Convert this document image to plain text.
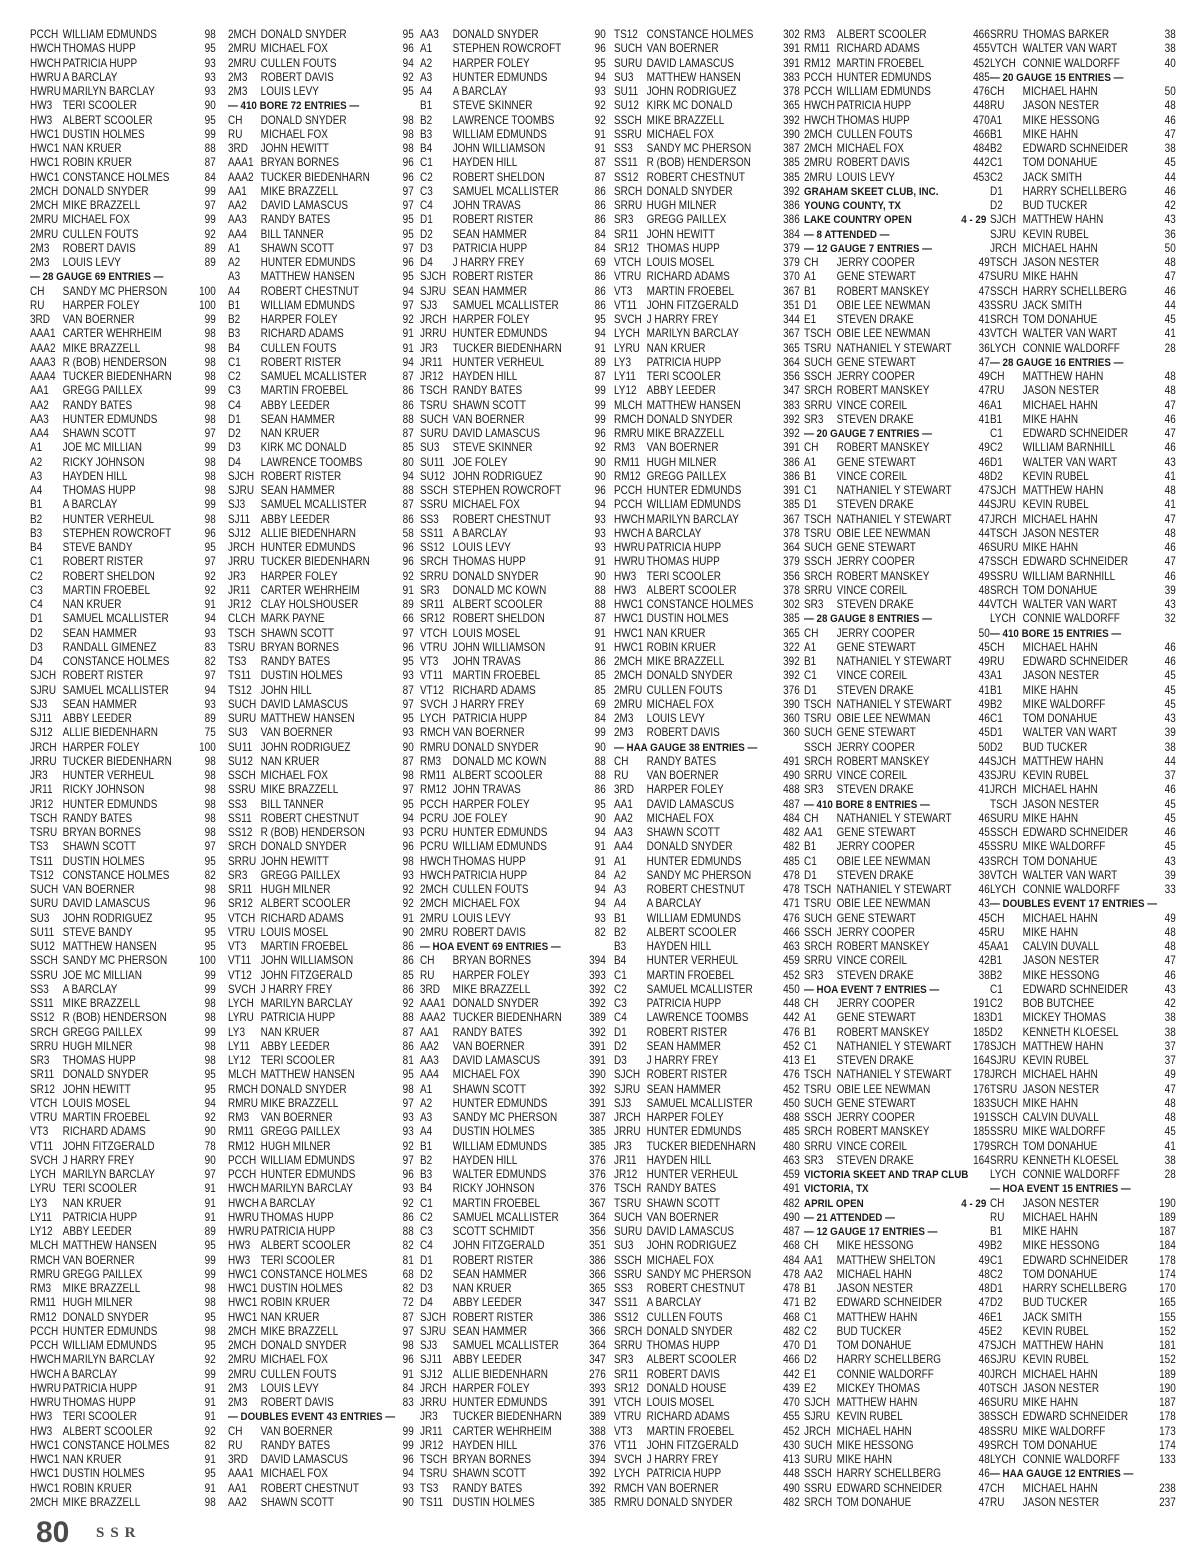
PCCH WILLIAM EDMUNDS	98
HWCH THOMAS HUPP	95
HWCH PATRICIA HUPP	93
HWRU A BARCLAY	93
HWRU MARILYN BARCLAY	93
HW3 TERI SCOOLER	90
HW3 ALBERT SCOOLER	95
HWC1 DUSTIN HOLMES	99
HWC1 NAN KRUER	88
HWC1 ROBIN KRUER	87
HWC1 CONSTANCE HOLMES	84
2MCH DONALD SNYDER	99
2MCH MIKE BRAZZELL	97
2MRU MICHAEL FOX	99
2MRU CULLEN FOUTS	92
2M3	ROBERT DAVIS	89
2M3	LOUIS LEVY	89
— 28 GAUGE 69 ENTRIES —
CH	SANDY MC PHERSON	100
RU	HARPER FOLEY	100
3RD	VAN BOERNER	99
AAA1 CARTER WEHRHEIM	98
AAA2 MIKE BRAZZELL	98
AAA3 R (BOB) HENDERSON	98
AAA4 TUCKER BIEDENHARN	98
AA1	GREGG PAILLEX	99
AA2	RANDY BATES	98
AA3	HUNTER EDMUNDS	98
AA4	SHAWN SCOTT	97
A1	JOE MC MILLIAN	99
A2	RICKY JOHNSON	98
A3	HAYDEN HILL	98
A4	THOMAS HUPP	98
B1	A BARCLAY	99
B2	HUNTER VERHEUL	98
B3	STEPHEN ROWCROFT	96
B4	STEVE BANDY	95
C1	ROBERT RISTER	97
C2	ROBERT SHELDON	92
C3	MARTIN FROEBEL	92
C4	NAN KRUER	91
D1	SAMUEL MCALLISTER	94
D2	SEAN HAMMER	93
D3	RANDALL GIMENEZ	83
D4	CONSTANCE HOLMES	82
SJCH ROBERT RISTER	97
SJRU SAMUEL MCALLISTER	94
SJ3	SEAN HAMMER	93
SJ11 ABBY LEEDER	89
SJ12 ALLIE BIEDENHARN	75
JRCH HARPER FOLEY	100
JRRU TUCKER BIEDENHARN	98
JR3	HUNTER VERHEUL	98
JR11 RICKY JOHNSON	98
JR12 HUNTER EDMUNDS	98
TSCH RANDY BATES	98
TSRU BRYAN BORNES	98
TS3	SHAWN SCOTT	97
TS11 DUSTIN HOLMES	95
TS12 CONSTANCE HOLMES	82
SUCH VAN BOERNER	98
SURU DAVID LAMASCUS	96
SU3	JOHN RODRIGUEZ	95
SU11 STEVE BANDY	95
SU12 MATTHEW HANSEN	95
SSCH SANDY MC PHERSON	100
SSRU JOE MC MILLIAN	99
SS3	A BARCLAY	99
SS11 MIKE BRAZZELL	98
SS12 R (BOB) HENDERSON	98
SRCH GREGG PAILLEX	99
SRRU HUGH MILNER	98
SR3	THOMAS HUPP	98
SR11 DONALD SNYDER	95
SR12 JOHN HEWITT	95
VTCH LOUIS MOSEL	94
VTRU MARTIN FROEBEL	92
VT3	RICHARD ADAMS	90
VT11 JOHN FITZGERALD	78
SVCH J HARRY FREY	90
LYCH MARILYN BARCLAY	97
LYRU TERI SCOOLER	91
LY3	NAN KRUER	91
LY11 PATRICIA HUPP	91
LY12 ABBY LEEDER	89
MLCH MATTHEW HANSEN	95
RMCH VAN BOERNER	99
RMRU GREGG PAILLEX	99
RM3	MIKE BRAZZELL	98
RM11 HUGH MILNER	98
RM12 DONALD SNYDER	95
PCCH HUNTER EDMUNDS	98
PCCH WILLIAM EDMUNDS	95
HWCH MARILYN BARCLAY	92
HWCH A BARCLAY	99
HWRU PATRICIA HUPP	91
HWRU THOMAS HUPP	91
HW3 TERI SCOOLER	91
HW3 ALBERT SCOOLER	92
HWC1 CONSTANCE HOLMES	82
HWC1 NAN KRUER	91
HWC1 DUSTIN HOLMES	95
HWC1 ROBIN KRUER	91
2MCH MIKE BRAZZELL	98
2MCH DONALD SNYDER	95
2MRU MICHAEL FOX	96
2MRU CULLEN FOUTS	94
2M3	ROBERT DAVIS	92
2M3	LOUIS LEVY	95
— 410 BORE 72 ENTRIES —
CH	DONALD SNYDER	98
RU	MICHAEL FOX	98
3RD	JOHN HEWITT	98
AAA1 BRYAN BORNES	96
AAA2 TUCKER BIEDENHARN	96
AA1	MIKE BRAZZELL	97
AA2	DAVID LAMASCUS	97
AA3	RANDY BATES	95
AA4	BILL TANNER	95
A1	SHAWN SCOTT	97
A2	HUNTER EDMUNDS	96
A3	MATTHEW HANSEN	95
A4	ROBERT CHESTNUT	94
B1	WILLIAM EDMUNDS	97
B2	HARPER FOLEY	92
B3	RICHARD ADAMS	91
B4	CULLEN FOUTS	91
C1	ROBERT RISTER	94
C2	SAMUEL MCALLISTER	87
C3	MARTIN FROEBEL	86
C4	ABBY LEEDER	86
D1	SEAN HAMMER	88
D2	NAN KRUER	87
D3	KIRK MC DONALD	85
D4	LAWRENCE TOOMBS	80
SJCH ROBERT RISTER	94
SJRU SEAN HAMMER	88
SJ3	SAMUEL MCALLISTER	87
SJ11 ABBY LEEDER	86
SJ12 ALLIE BIEDENHARN	58
JRCH HUNTER EDMUNDS	96
JRRU TUCKER BIEDENHARN	96
JR3	HARPER FOLEY	92
JR11 CARTER WEHRHEIM	91
JR12 CLAY HOLSHOUSER	89
CLCH MARK PAYNE	66
TSCH SHAWN SCOTT	97
TSRU BRYAN BORNES	96
TS3	RANDY BATES	95
TS11 DUSTIN HOLMES	93
TS12 JOHN HILL	87
SUCH DAVID LAMASCUS	97
SURU MATTHEW HANSEN	95
SU3	VAN BOERNER	93
SU11 JOHN RODRIGUEZ	90
SU12 NAN KRUER	87
SSCH MICHAEL FOX	98
SSRU MIKE BRAZZELL	97
SS3	BILL TANNER	95
SS11 ROBERT CHESTNUT	94
SS12 R (BOB) HENDERSON	93
SRCH DONALD SNYDER	96
SRRU JOHN HEWITT	98
SR3	GREGG PAILLEX	93
SR11 HUGH MILNER	92
SR12 ALBERT SCOOLER	92
VTCH RICHARD ADAMS	91
VTRU LOUIS MOSEL	90
VT3	MARTIN FROEBEL	86
VT11 JOHN WILLIAMSON	86
VT12 JOHN FITZGERALD	85
SVCH J HARRY FREY	86
LYCH MARILYN BARCLAY	92
LYRU PATRICIA HUPP	88
LY3	NAN KRUER	87
LY11 ABBY LEEDER	86
LY12 TERI SCOOLER	81
MLCH MATTHEW HANSEN	95
RMCH DONALD SNYDER	98
RMRU MIKE BRAZZELL	97
RM3	VAN BOERNER	93
RM11 GREGG PAILLEX	93
RM12 HUGH MILNER	92
PCCH WILLIAM EDMUNDS	97
PCCH HUNTER EDMUNDS	96
HWCH MARILYN BARCLAY	93
HWCH A BARCLAY	92
HWRU THOMAS HUPP	86
HWRU PATRICIA HUPP	88
HW3 ALBERT SCOOLER	82
HW3 TERI SCOOLER	81
HWC1 CONSTANCE HOLMES	68
HWC1 DUSTIN HOLMES	82
HWC1 ROBIN KRUER	72
HWC1 NAN KRUER	87
2MCH MIKE BRAZZELL	97
2MCH DONALD SNYDER	98
2MRU MICHAEL FOX	96
2MRU CULLEN FOUTS	91
2M3	LOUIS LEVY	84
2M3	ROBERT DAVIS	83
— DOUBLES EVENT 43 ENTRIES —
CH	VAN BOERNER	99
RU	RANDY BATES	99
3RD	DAVID LAMASCUS	96
AAA1 MICHAEL FOX	94
AA1	ROBERT CHESTNUT	93
AA2	SHAWN SCOTT	90
AA3	DONALD SNYDER	90
A1	STEPHEN ROWCROFT	96
A2	HARPER FOLEY	95
A3	HUNTER EDMUNDS	94
A4	A BARCLAY	93
B1	STEVE SKINNER	92
B2	LAWRENCE TOOMBS	92
B3	WILLIAM EDMUNDS	91
B4	JOHN WILLIAMSON	91
C1	HAYDEN HILL	87
C2	ROBERT SHELDON	87
C3	SAMUEL MCALLISTER	86
C4	JOHN TRAVAS	86
D1	ROBERT RISTER	86
D2	SEAN HAMMER	84
D3	PATRICIA HUPP	84
D4	J HARRY FREY	69
SJCH ROBERT RISTER	86
SJRU SEAN HAMMER	86
SJ3	SAMUEL MCALLISTER	86
JRCH HARPER FOLEY	95
JRRU HUNTER EDMUNDS	94
JR3	TUCKER BIEDENHARN	91
JR11 HUNTER VERHEUL	89
JR12 HAYDEN HILL	87
TSCH RANDY BATES	99
TSRU SHAWN SCOTT	99
SUCH VAN BOERNER	99
SURU DAVID LAMASCUS	96
SU3	STEVE SKINNER	92
SU11 JOE FOLEY	90
SU12 JOHN RODRIGUEZ	90
SSCH STEPHEN ROWCROFT	96
SSRU MICHAEL FOX	94
SS3	ROBERT CHESTNUT	93
SS11 A BARCLAY	93
SS12 LOUIS LEVY	93
SRCH THOMAS HUPP	91
SRRU DONALD SNYDER	90
SR3	DONALD MC KOWN	88
SR11 ALBERT SCOOLER	88
SR12 ROBERT SHELDON	87
VTCH LOUIS MOSEL	91
VTRU JOHN WILLIAMSON	91
VT3	JOHN TRAVAS	86
VT11 MARTIN FROEBEL	85
VT12 RICHARD ADAMS	85
SVCH J HARRY FREY	69
LYCH PATRICIA HUPP	84
RMCH VAN BOERNER	99
RMRU DONALD SNYDER	90
RM3	DONALD MC KOWN	88
RM11 ALBERT SCOOLER	88
RM12 JOHN TRAVAS	86
PCCH HARPER FOLEY	95
PCRU JOE FOLEY	90
PCRU HUNTER EDMUNDS	94
PCRU WILLIAM EDMUNDS	91
HWCH THOMAS HUPP	91
HWCH PATRICIA HUPP	84
2MCH CULLEN FOUTS	94
2MCH MICHAEL FOX	94
2MRU LOUIS LEVY	93
2MRU ROBERT DAVIS	82
— HOA EVENT 69 ENTRIES —
CH	BRYAN BORNES	394
RU	HARPER FOLEY	393
3RD	MIKE BRAZZELL	392
AAA1 DONALD SNYDER	392
AAA2 TUCKER BIEDENHARN	389
AA1	RANDY BATES	392
AA2	VAN BOERNER	391
AA3	DAVID LAMASCUS	391
AA4	MICHAEL FOX	390
A1	SHAWN SCOTT	392
A2	HUNTER EDMUNDS	391
A3	SANDY MC PHERSON	387
A4	DUSTIN HOLMES	385
B1	WILLIAM EDMUNDS	385
B2	HAYDEN HILL	376
B3	WALTER EDMUNDS	376
B4	RICKY JOHNSON	376
C1	MARTIN FROEBEL	367
C2	SAMUEL MCALLISTER	364
C3	SCOTT SCHMIDT	356
C4	JOHN FITZGERALD	351
D1	ROBERT RISTER	386
D2	SEAN HAMMER	366
D3	NAN KRUER	365
D4	ABBY LEEDER	347
SJCH ROBERT RISTER	386
SJRU SEAN HAMMER	366
SJ3	SAMUEL MCALLISTER	364
SJ11 ABBY LEEDER	347
SJ12 ALLIE BIEDENHARN	276
JRCH HARPER FOLEY	393
JRRU HUNTER EDMUNDS	391
JR3	TUCKER BIEDENHARN	389
JR11 CARTER WEHRHEIM	388
JR12 HAYDEN HILL	376
TSCH BRYAN BORNES	394
TSRU SHAWN SCOTT	392
TS3	RANDY BATES	392
TS11 DUSTIN HOLMES	385
TS12 CONSTANCE HOLMES	302
SUCH VAN BOERNER	391
SURU DAVID LAMASCUS	391
SU3	MATTHEW HANSEN	383
SU11 JOHN RODRIGUEZ	378
SU12 KIRK MC DONALD	365
SSCH MIKE BRAZZELL	392
SSRU MICHAEL FOX	390
SS3	SANDY MC PHERSON	387
SS11 R (BOB) HENDERSON	385
SS12 ROBERT CHESTNUT	385
SRCH DONALD SNYDER	392
SRRU HUGH MILNER	386
SR3	GREGG PAILLEX	386
SR11 JOHN HEWITT	384
SR12 THOMAS HUPP	379
VTCH LOUIS MOSEL	379
VTRU RICHARD ADAMS	370
VT3	MARTIN FROEBEL	367
VT11 JOHN FITZGERALD	351
SVCH J HARRY FREY	344
LYCH MARILYN BARCLAY	367
LYRU NAN KRUER	365
LY3	PATRICIA HUPP	364
LY11 TERI SCOOLER	356
LY12 ABBY LEEDER	347
MLCH MATTHEW HANSEN	383
RMCH DONALD SNYDER	392
RMRU MIKE BRAZZELL	392
RM3	VAN BOERNER	391
RM11 HUGH MILNER	386
RM12 GREGG PAILLEX	386
PCCH HUNTER EDMUNDS	391
PCCH WILLIAM EDMUNDS	385
HWCH MARILYN BARCLAY	367
HWCH A BARCLAY	378
HWRU PATRICIA HUPP	364
HWRU THOMAS HUPP	379
HW3 TERI SCOOLER	356
HW3 ALBERT SCOOLER	378
HWC1 CONSTANCE HOLMES	302
HWC1 DUSTIN HOLMES	385
HWC1 NAN KRUER	365
HWC1 ROBIN KRUER	322
2MCH MIKE BRAZZELL	392
2MCH DONALD SNYDER	392
2MRU CULLEN FOUTS	376
2MRU MICHAEL FOX	390
2M3	LOUIS LEVY	360
2M3	ROBERT DAVIS	360
— HAA GAUGE 38 ENTRIES —
CH	RANDY BATES	491
RU	VAN BOERNER	490
3RD	HARPER FOLEY	488
AA1	DAVID LAMASCUS	487
AA2	MICHAEL FOX	484
AA3	SHAWN SCOTT	482
AA4	DONALD SNYDER	482
A1	HUNTER EDMUNDS	485
A2	SANDY MC PHERSON	478
A3	ROBERT CHESTNUT	478
A4	A BARCLAY	471
B1	WILLIAM EDMUNDS	476
B2	ALBERT SCOOLER	466
B3	HAYDEN HILL	463
B4	HUNTER VERHEUL	459
C1	MARTIN FROEBEL	452
C2	SAMUEL MCALLISTER	450
C3	PATRICIA HUPP	448
C4	LAWRENCE TOOMBS	442
D1	ROBERT RISTER	476
D2	SEAN HAMMER	452
D3	J HARRY FREY	413
SJCH ROBERT RISTER	476
SJRU SEAN HAMMER	452
SJ3	SAMUEL MCALLISTER	450
JRCH HARPER FOLEY	488
JRRU HUNTER EDMUNDS	485
JR3	TUCKER BIEDENHARN	480
JR11 HAYDEN HILL	463
JR12 HUNTER VERHEUL	459
TSCH RANDY BATES	491
TSRU SHAWN SCOTT	482
SUCH VAN BOERNER	490
SURU DAVID LAMASCUS	487
SU3	JOHN RODRIGUEZ	468
SSCH MICHAEL FOX	484
SSRU SANDY MC PHERSON	478
SS3	ROBERT CHESTNUT	478
SS11 A BARCLAY	471
SS12 CULLEN FOUTS	468
SRCH DONALD SNYDER	482
SRRU THOMAS HUPP	470
SR3	ALBERT SCOOLER	466
SR11 ROBERT DAVIS	442
SR12 DONALD HOUSE	439
VTCH LOUIS MOSEL	470
VTRU RICHARD ADAMS	455
VT3	MARTIN FROEBEL	452
VT11 JOHN FITZGERALD	430
SVCH J HARRY FREY	413
LYCH PATRICIA HUPP	448
RMCH VAN BOERNER	490
RMRU DONALD SNYDER	482
RM3	ALBERT SCOOLER	466
RM11 RICHARD ADAMS	455
RM12 MARTIN FROEBEL	452
PCCH HUNTER EDMUNDS	485
PCCH WILLIAM EDMUNDS	476
HWCH PATRICIA HUPP	448
HWCH THOMAS HUPP	470
2MCH CULLEN FOUTS	466
2MCH MICHAEL FOX	484
2MRU ROBERT DAVIS	442
2MRU LOUIS LEVY	453
GRAHAM SKEET CLUB, INC.
YOUNG COUNTY, TX
LAKE COUNTRY OPEN	4 - 29
— 8 ATTENDED —
— 12 GAUGE 7 ENTRIES —
CH	JERRY COOPER	49
A1	GENE STEWART	47
B1	ROBERT MANSKEY	47
D1	OBIE LEE NEWMAN	43
E1	STEVEN DRAKE	41
TSCH OBIE LEE NEWMAN	43
TSRU NATHANIEL Y STEWART	36
SUCH GENE STEWART	47
SSCH JERRY COOPER	49
SRCH ROBERT MANSKEY	47
SRRU VINCE COREIL	46
SR3	STEVEN DRAKE	41
— 20 GAUGE 7 ENTRIES —
CH	ROBERT MANSKEY	49
A1	GENE STEWART	46
B1	VINCE COREIL	48
C1	NATHANIEL Y STEWART	47
D1	STEVEN DRAKE	44
TSCH NATHANIEL Y STEWART	47
TSRU OBIE LEE NEWMAN	44
SUCH GENE STEWART	46
SSCH JERRY COOPER	47
SRCH ROBERT MANSKEY	49
SRRU VINCE COREIL	48
SR3	STEVEN DRAKE	44
— 28 GAUGE 8 ENTRIES —
CH	JERRY COOPER	50
A1	GENE STEWART	45
B1	NATHANIEL Y STEWART	49
C1	VINCE COREIL	43
D1	STEVEN DRAKE	41
TSCH NATHANIEL Y STEWART	49
TSRU OBIE LEE NEWMAN	46
SUCH GENE STEWART	45
SSCH JERRY COOPER	50
SRCH ROBERT MANSKEY	44
SRRU VINCE COREIL	43
SR3	STEVEN DRAKE	41
— 410 BORE 8 ENTRIES —
CH	NATHANIEL Y STEWART	46
AA1	GENE STEWART	45
B1	JERRY COOPER	45
C1	OBIE LEE NEWMAN	43
D1	STEVEN DRAKE	38
TSCH NATHANIEL Y STEWART	46
TSRU OBIE LEE NEWMAN	43
SUCH GENE STEWART	45
SSCH JERRY COOPER	45
SRCH ROBERT MANSKEY	45
SRRU VINCE COREIL	42
SR3	STEVEN DRAKE	38
— HOA EVENT 7 ENTRIES —
CH	JERRY COOPER	191
A1	GENE STEWART	183
B1	ROBERT MANSKEY	185
C1	NATHANIEL Y STEWART	178
E1	STEVEN DRAKE	164
TSCH NATHANIEL Y STEWART	178
TSRU OBIE LEE NEWMAN	176
SUCH GENE STEWART	183
SSCH JERRY COOPER	191
SRCH ROBERT MANSKEY	185
SRRU VINCE COREIL	179
SR3	STEVEN DRAKE	164
VICTORIA SKEET AND TRAP CLUB
VICTORIA, TX
APRIL OPEN	4 - 29
— 21 ATTENDED —
— 12 GAUGE 17 ENTRIES —
CH	MIKE HESSONG	49
AA1	MATTHEW SHELTON	49
AA2	MICHAEL HAHN	48
B1	JASON NESTER	48
B2	EDWARD SCHNEIDER	47
C1	MATTHEW HAHN	46
C2	BUD TUCKER	45
D1	TOM DONAHUE	47
D2	HARRY SCHELLBERG	46
E1	CONNIE WALDORFF	40
E2	MICKEY THOMAS	40
SJCH MATTHEW HAHN	46
SJRU KEVIN RUBEL	38
JRCH MICHAEL HAHN	48
SUCH MIKE HESSONG	49
SURU MIKE HAHN	48
SSCH HARRY SCHELLBERG	46
SSRU EDWARD SCHNEIDER	47
SRCH TOM DONAHUE	47
SRRU THOMAS BARKER	38
VTCH WALTER VAN WART	38
LYCH CONNIE WALDORFF	40
— 20 GAUGE 15 ENTRIES —
CH	MICHAEL HAHN	50
RU	JASON NESTER	48
A1	MIKE HESSONG	46
B1	MIKE HAHN	47
B2	EDWARD SCHNEIDER	38
C1	TOM DONAHUE	45
C2	JACK SMITH	44
D1	HARRY SCHELLBERG	46
D2	BUD TUCKER	42
SJCH MATTHEW HAHN	43
SJRU KEVIN RUBEL	36
JRCH MICHAEL HAHN	50
TSCH JASON NESTER	48
SURU MIKE HAHN	47
SSCH HARRY SCHELLBERG	46
SSRU JACK SMITH	44
SRCH TOM DONAHUE	45
VTCH WALTER VAN WART	41
LYCH CONNIE WALDORFF	28
— 28 GAUGE 16 ENTRIES —
CH	MATTHEW HAHN	48
RU	JASON NESTER	48
A1	MICHAEL HAHN	47
B1	MIKE HAHN	46
C1	EDWARD SCHNEIDER	47
C2	WILLIAM BARNHILL	46
D1	WALTER VAN WART	43
D2	KEVIN RUBEL	41
SJCH MATTHEW HAHN	48
SJRU KEVIN RUBEL	41
JRCH MICHAEL HAHN	47
TSCH JASON NESTER	48
SURU MIKE HAHN	46
SSCH EDWARD SCHNEIDER	47
SSRU WILLIAM BARNHILL	46
SRCH TOM DONAHUE	39
VTCH WALTER VAN WART	43
LYCH CONNIE WALDORFF	32
— 410 BORE 15 ENTRIES —
CH	MICHAEL HAHN	46
RU	EDWARD SCHNEIDER	46
A1	JASON NESTER	45
B1	MIKE HAHN	45
B2	MIKE WALDORFF	45
C1	TOM DONAHUE	43
D1	WALTER VAN WART	39
D2	BUD TUCKER	38
SJCH MATTHEW HAHN	44
SJRU KEVIN RUBEL	37
JRCH MICHAEL HAHN	46
TSCH JASON NESTER	45
SURU MIKE HAHN	45
SSCH EDWARD SCHNEIDER	46
SSRU MIKE WALDORFF	45
SRCH TOM DONAHUE	43
VTCH WALTER VAN WART	39
LYCH CONNIE WALDORFF	33
— DOUBLES EVENT 17 ENTRIES —
CH	MICHAEL HAHN	49
RU	MIKE HAHN	48
AA1	CALVIN DUVALL	48
B1	JASON NESTER	47
B2	MIKE HESSONG	46
C1	EDWARD SCHNEIDER	43
C2	BOB BUTCHEE	42
D1	MICKEY THOMAS	38
D2	KENNETH KLOESEL	38
SJCH MATTHEW HAHN	37
SJRU KEVIN RUBEL	37
JRCH MICHAEL HAHN	49
TSRU JASON NESTER	47
SUCH MIKE HAHN	48
SSCH CALVIN DUVALL	48
SSRU MIKE WALDORFF	45
SRCH TOM DONAHUE	41
SRRU KENNETH KLOESEL	38
LYCH CONNIE WALDORFF	28
— HOA EVENT 15 ENTRIES —
CH	JASON NESTER	190
RU	MICHAEL HAHN	189
B1	MIKE HAHN	187
B2	MIKE HESSONG	184
C1	EDWARD SCHNEIDER	178
C2	TOM DONAHUE	174
D1	HARRY SCHELLBERG	170
D2	BUD TUCKER	165
E1	JACK SMITH	155
E2	KEVIN RUBEL	152
SJCH MATTHEW HAHN	181
SJRU KEVIN RUBEL	152
JRCH MICHAEL HAHN	189
TSCH JASON NESTER	190
SURU MIKE HAHN	187
SSCH EDWARD SCHNEIDER	178
SSRU MIKE WALDORFF	173
SRCH TOM DONAHUE	174
LYCH CONNIE WALDORFF	133
— HAA GAUGE 12 ENTRIES —
CH	MICHAEL HAHN	238
RU	JASON NESTER	237
80 SSR
